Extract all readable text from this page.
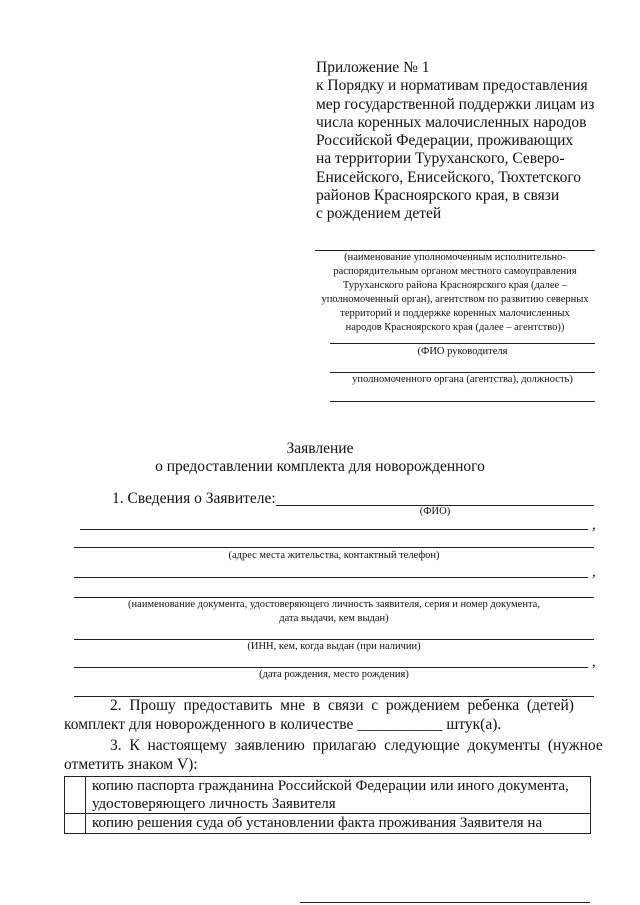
Приложение № 1
к Порядку и нормативам предоставления
мер государственной поддержки лицам из
числа коренных малочисленных народов
Российской Федерации, проживающих
на территории Туруханского, Северо-
Енисейского, Енисейского, Тюхтетского
районов Красноярского края, в связи
с рождением детей
(наименование уполномоченным исполнительно-
распорядительным органом местного самоуправления
Туруханского района Красноярского края (далее –
уполномоченный орган), агентством по развитию северных
территорий и поддержке коренных малочисленных
народов Красноярского края (далее – агентство))
(ФИО руководителя
уполномоченного органа (агентства), должность)
Заявление
о предоставлении комплекта для новорожденного
1. Сведения о Заявителе:
(ФИО)
,
(адрес места жительства, контактный телефон)
,
(наименование документа, удостоверяющего личность заявителя, серия и номер документа,
дата выдачи, кем выдан)
(ИНН, кем, когда выдан (при наличии)
,
(дата рождения, место рождения)
2.  Прошу  предоставить  мне  в  связи  с  рождением  ребенка  (детей)
комплект для новорожденного в количестве ___________ штук(а).
3.  К  настоящему  заявлению  прилагаю  следующие  документы  (нужное
отметить знаком V):

	копию паспорта гражданина Российской Федерации или иного документа,
удостоверяющего личность Заявителя

	копию решения суда об установлении факта проживания Заявителя на
